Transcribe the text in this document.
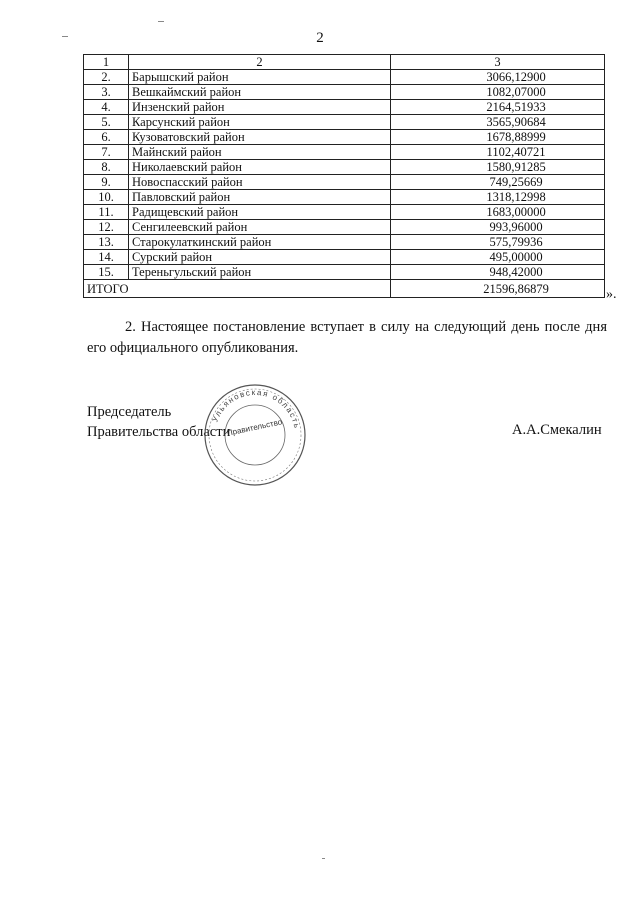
2
1	2	3
2.	Барышский район	3066,12900
3.	Вешкаймский район	1082,07000
4.	Инзенский район	2164,51933
5.	Карсунский район	3565,90684
6.	Кузоватовский район	1678,88999
7.	Майнский район	1102,40721
8.	Николаевский район	1580,91285
9.	Новоспасский район	749,25669
10.	Павловский район	1318,12998
11.	Радищевский район	1683,00000
12.	Сенгилеевский район	993,96000
13.	Старокулаткинский район	575,79936
14.	Сурский район	495,00000
15.	Тереньгульский район	948,42000
ИТОГО		21596,86879	».
2. Настоящее постановление вступает в силу на следующий день после дня его официального опубликования.
Председатель
Правительства области	А.А.Смекалин
Ульяновская область
Правительство
